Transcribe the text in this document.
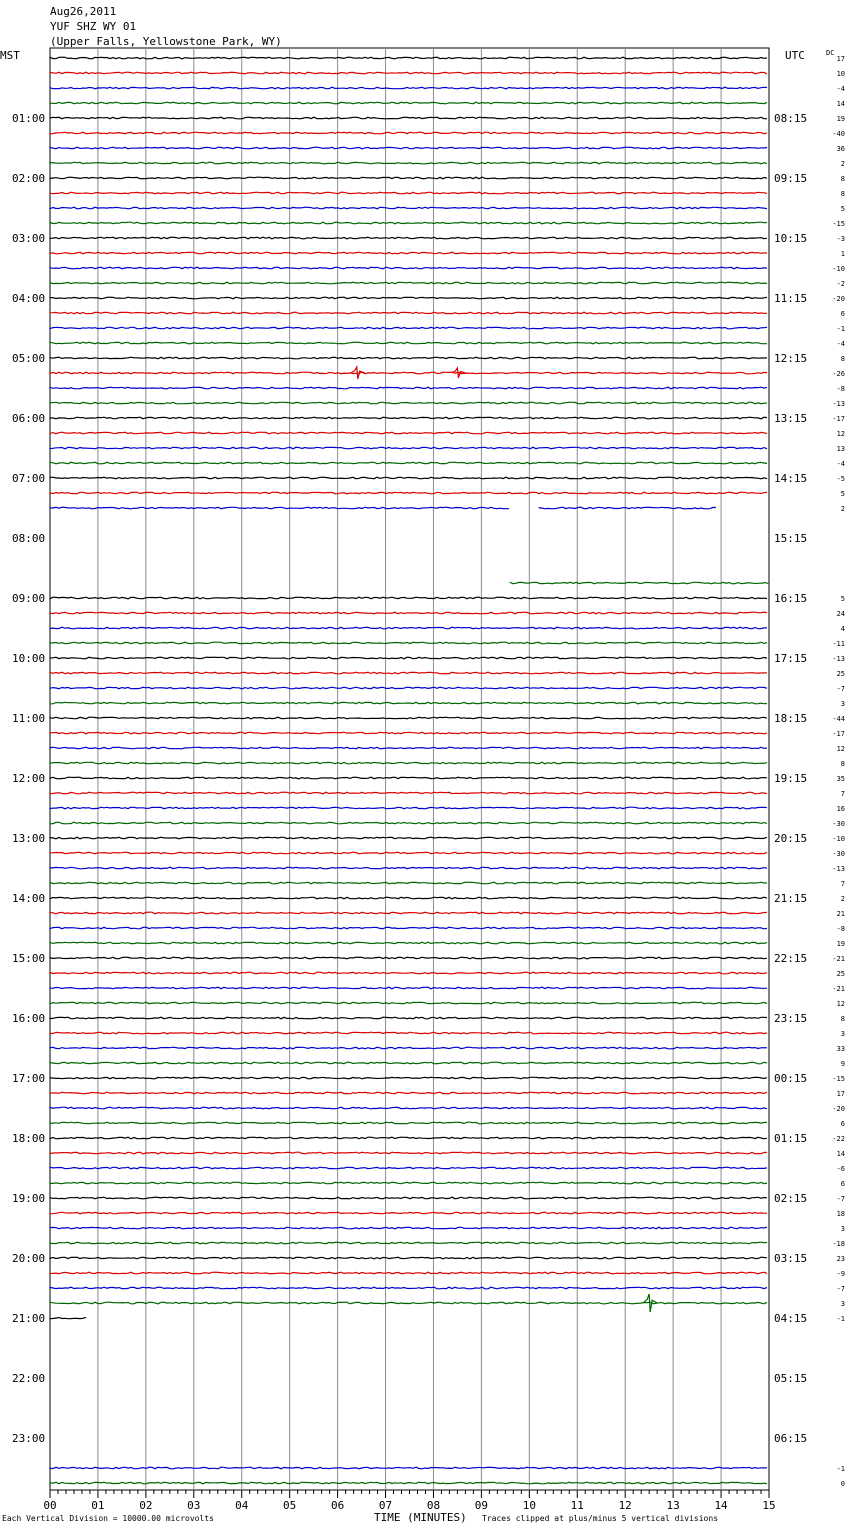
Aug26,2011
YUF SHZ WY 01
(Upper Falls, Yellowstone Park, WY)
MST	UTC	DC
01:00
02:00
03:00
04:00
05:00
06:00
07:00
08:00
09:00
10:00
11:00
12:00
13:00
14:00
15:00
16:00
17:00
18:00
19:00
20:00
21:00
22:00
23:00
08:15
09:15
10:15
11:15
12:15
13:15
14:15
15:15
16:15
17:15
18:15
19:15
20:15
21:15
22:15
23:15
00:15
01:15
02:15
03:15
04:15
05:15
06:15
17
10
-4
14
19
-40
36
2
8
8
5
-15
-3
1
-10
-2
-20
6
-1
-4
8
-26
-8
-13
-17
12
13
-4
-5
5
2
5
24
4
-11
-13
25
-7
3
-44
-17
12
8
35
7
16
-30
-10
-30
-13
7
2
21
-8
19
-21
25
-21
12
8
3
33
9
-15
17
-20
6
-22
14
-6
6
-7
18
3
-18
23
-9
-7
3
-1
-1
0
00	01	02	03	04	05	06	07	08	09	10	11	12	13	14	15
Each Vertical Division = 10000.00 microvolts	TIME (MINUTES) Traces clipped at plus/minus 5 vertical divisions
